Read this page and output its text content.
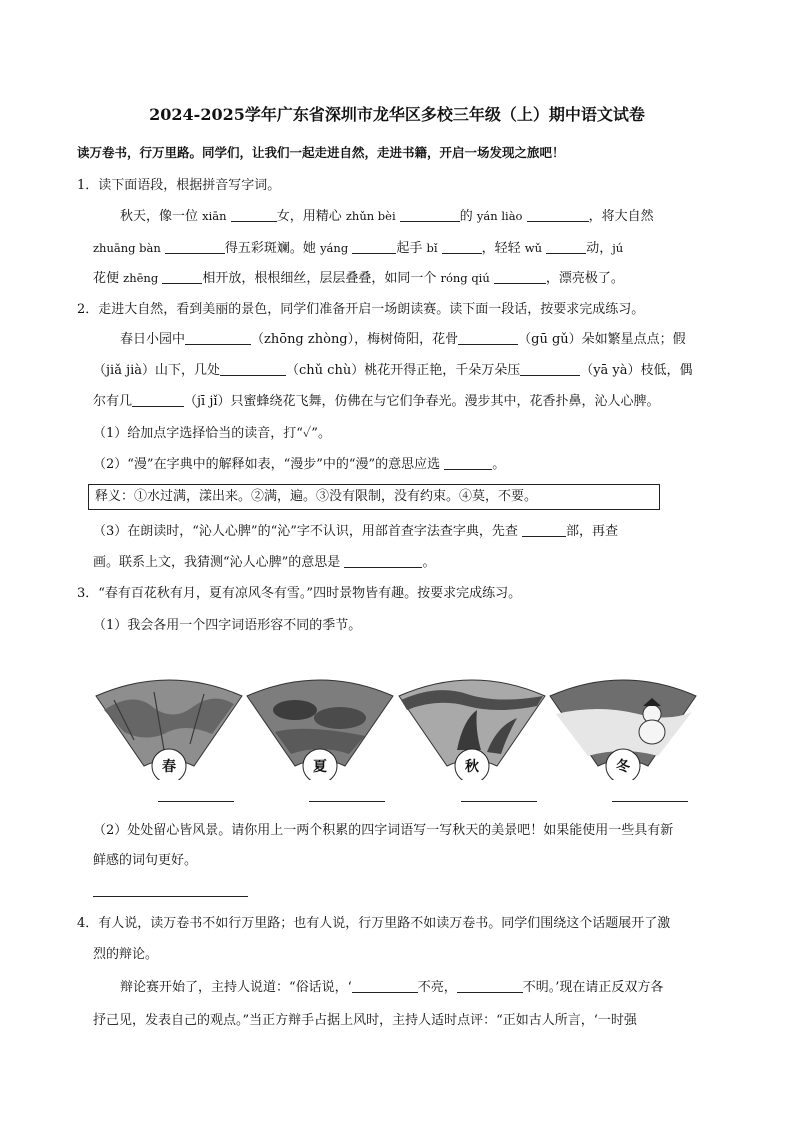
2024-2025学年广东省深圳市龙华区多校三年级（上）期中语文试卷
读万卷书，行万里路。同学们，让我们一起走进自然，走进书籍，开启一场发现之旅吧！
1．读下面语段，根据拼音写字词。
秋天，像一位 xiān	女，用精心 zhǔn bèi	的 yán liào	，将大自然
zhuāng bàn	得五彩斑斓。她 yáng	起手 bǐ	，轻轻 wǔ	动，jú
花便 zhēng	相开放，根根细丝，层层叠叠，如同一个 róng qiú	，漂亮极了。
2．走进大自然，看到美丽的景色，同学们准备开启一场朗读赛。读下面一段话，按要求完成练习。
春日小园中	（zhōng zhòng），梅树倚阳，花骨	（gū gǔ）朵如繁星点点；假
（jiǎ jià）山下，几处	（chǔ chù）桃花开得正艳，千朵万朵压	（yā yà）枝低，偶
尔有几	（jī jǐ）只蜜蜂绕花飞舞，仿佛在与它们争春光。漫步其中，花香扑鼻，沁人心脾。
（1）给加点字选择恰当的读音，打“✓”。
（2）“漫”在字典中的解释如表，“漫步”中的“漫”的意思应选	。
释义：①水过满，漾出来。②满，遍。③没有限制，没有约束。④莫，不要。
（3）在朗读时，“沁人心脾”的“沁”字不认识，用部首查字法查字典，先查	部，再查
画。联系上文，我猜测“沁人心脾”的意思是	。
3．“春有百花秋有月，夏有凉风冬有雪。”四时景物皆有趣。按要求完成练习。
（1）我会各用一个四字词语形容不同的季节。
春	夏	秋	冬
（2）处处留心皆风景。请你用上一两个积累的四字词语写一写秋天的美景吧！如果能使用一些具有新
鲜感的词句更好。
4．有人说，读万卷书不如行万里路；也有人说，行万里路不如读万卷书。同学们围绕这个话题展开了激
烈的辩论。
辩论赛开始了，主持人说道：“俗话说，‘	不亮，	不明。’现在请正反双方各
抒己见，发表自己的观点。”当正方辩手占据上风时，主持人适时点评：“正如古人所言，‘一时强
